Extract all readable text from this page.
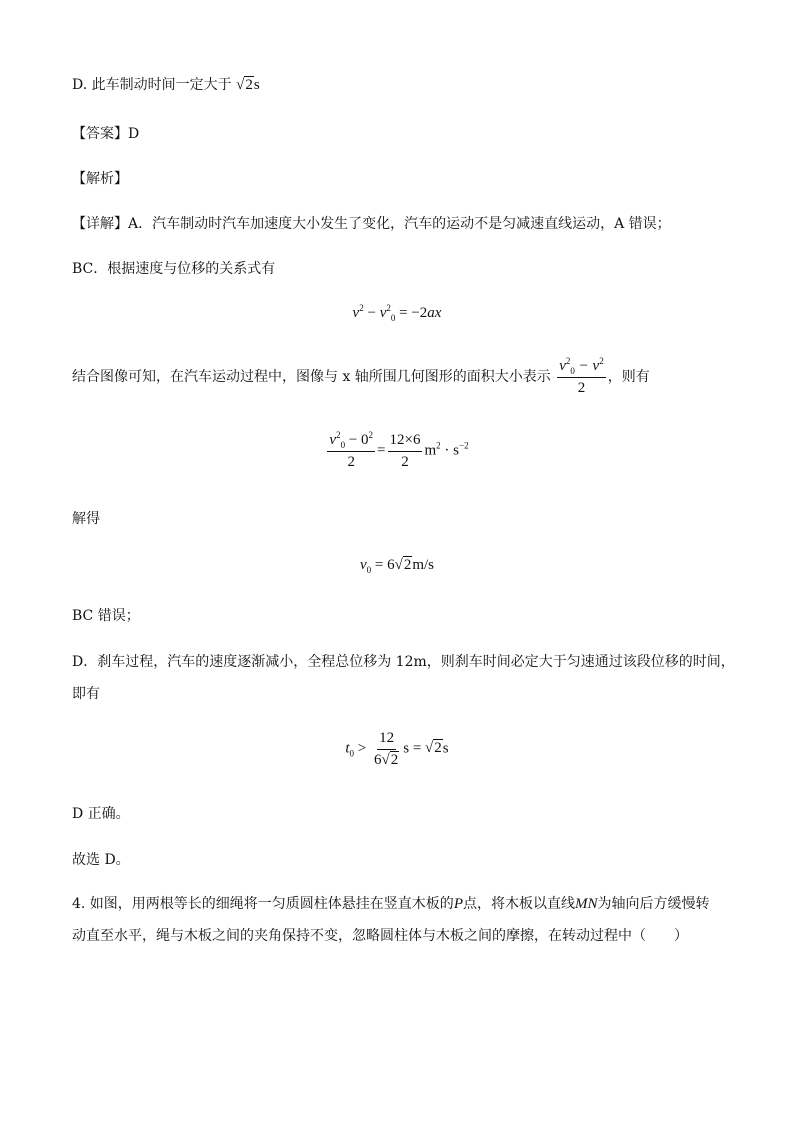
D. 此车制动时间一定大于 √2s
【答案】D
【解析】
【详解】A．汽车制动时汽车加速度大小发生了变化，汽车的运动不是匀减速直线运动，A 错误；
BC．根据速度与位移的关系式有
$v^2 - v^2_0 = -2ax$
结合图像可知，在汽车运动过程中，图像与 x 轴所围几何图形的面积大小表示 $\frac{v^2_0 - v^2}{2}$ ，则有
$\frac{v^2_0 - 0^2}{2} = \frac{12\times 6}{2} m^2 \cdot s^{-2}$
解得
$v_0 = 6√2m/s$
BC 错误；
D．刹车过程，汽车的速度逐渐减小，全程总位移为 12m，则刹车时间必定大于匀速通过该段位移的时间，
即有
$t_0 > \frac{12}{6√2}$ s = √2s
D 正确。
故选 D。
4. 如图，用两根等长的细绳将一匀质圆柱体悬挂在竖直木板的P点，将木板以直线MN为轴向后方缓慢转
动直至水平，绳与木板之间的夹角保持不变，忽略圆柱体与木板之间的摩擦，在转动过程中（　　）
